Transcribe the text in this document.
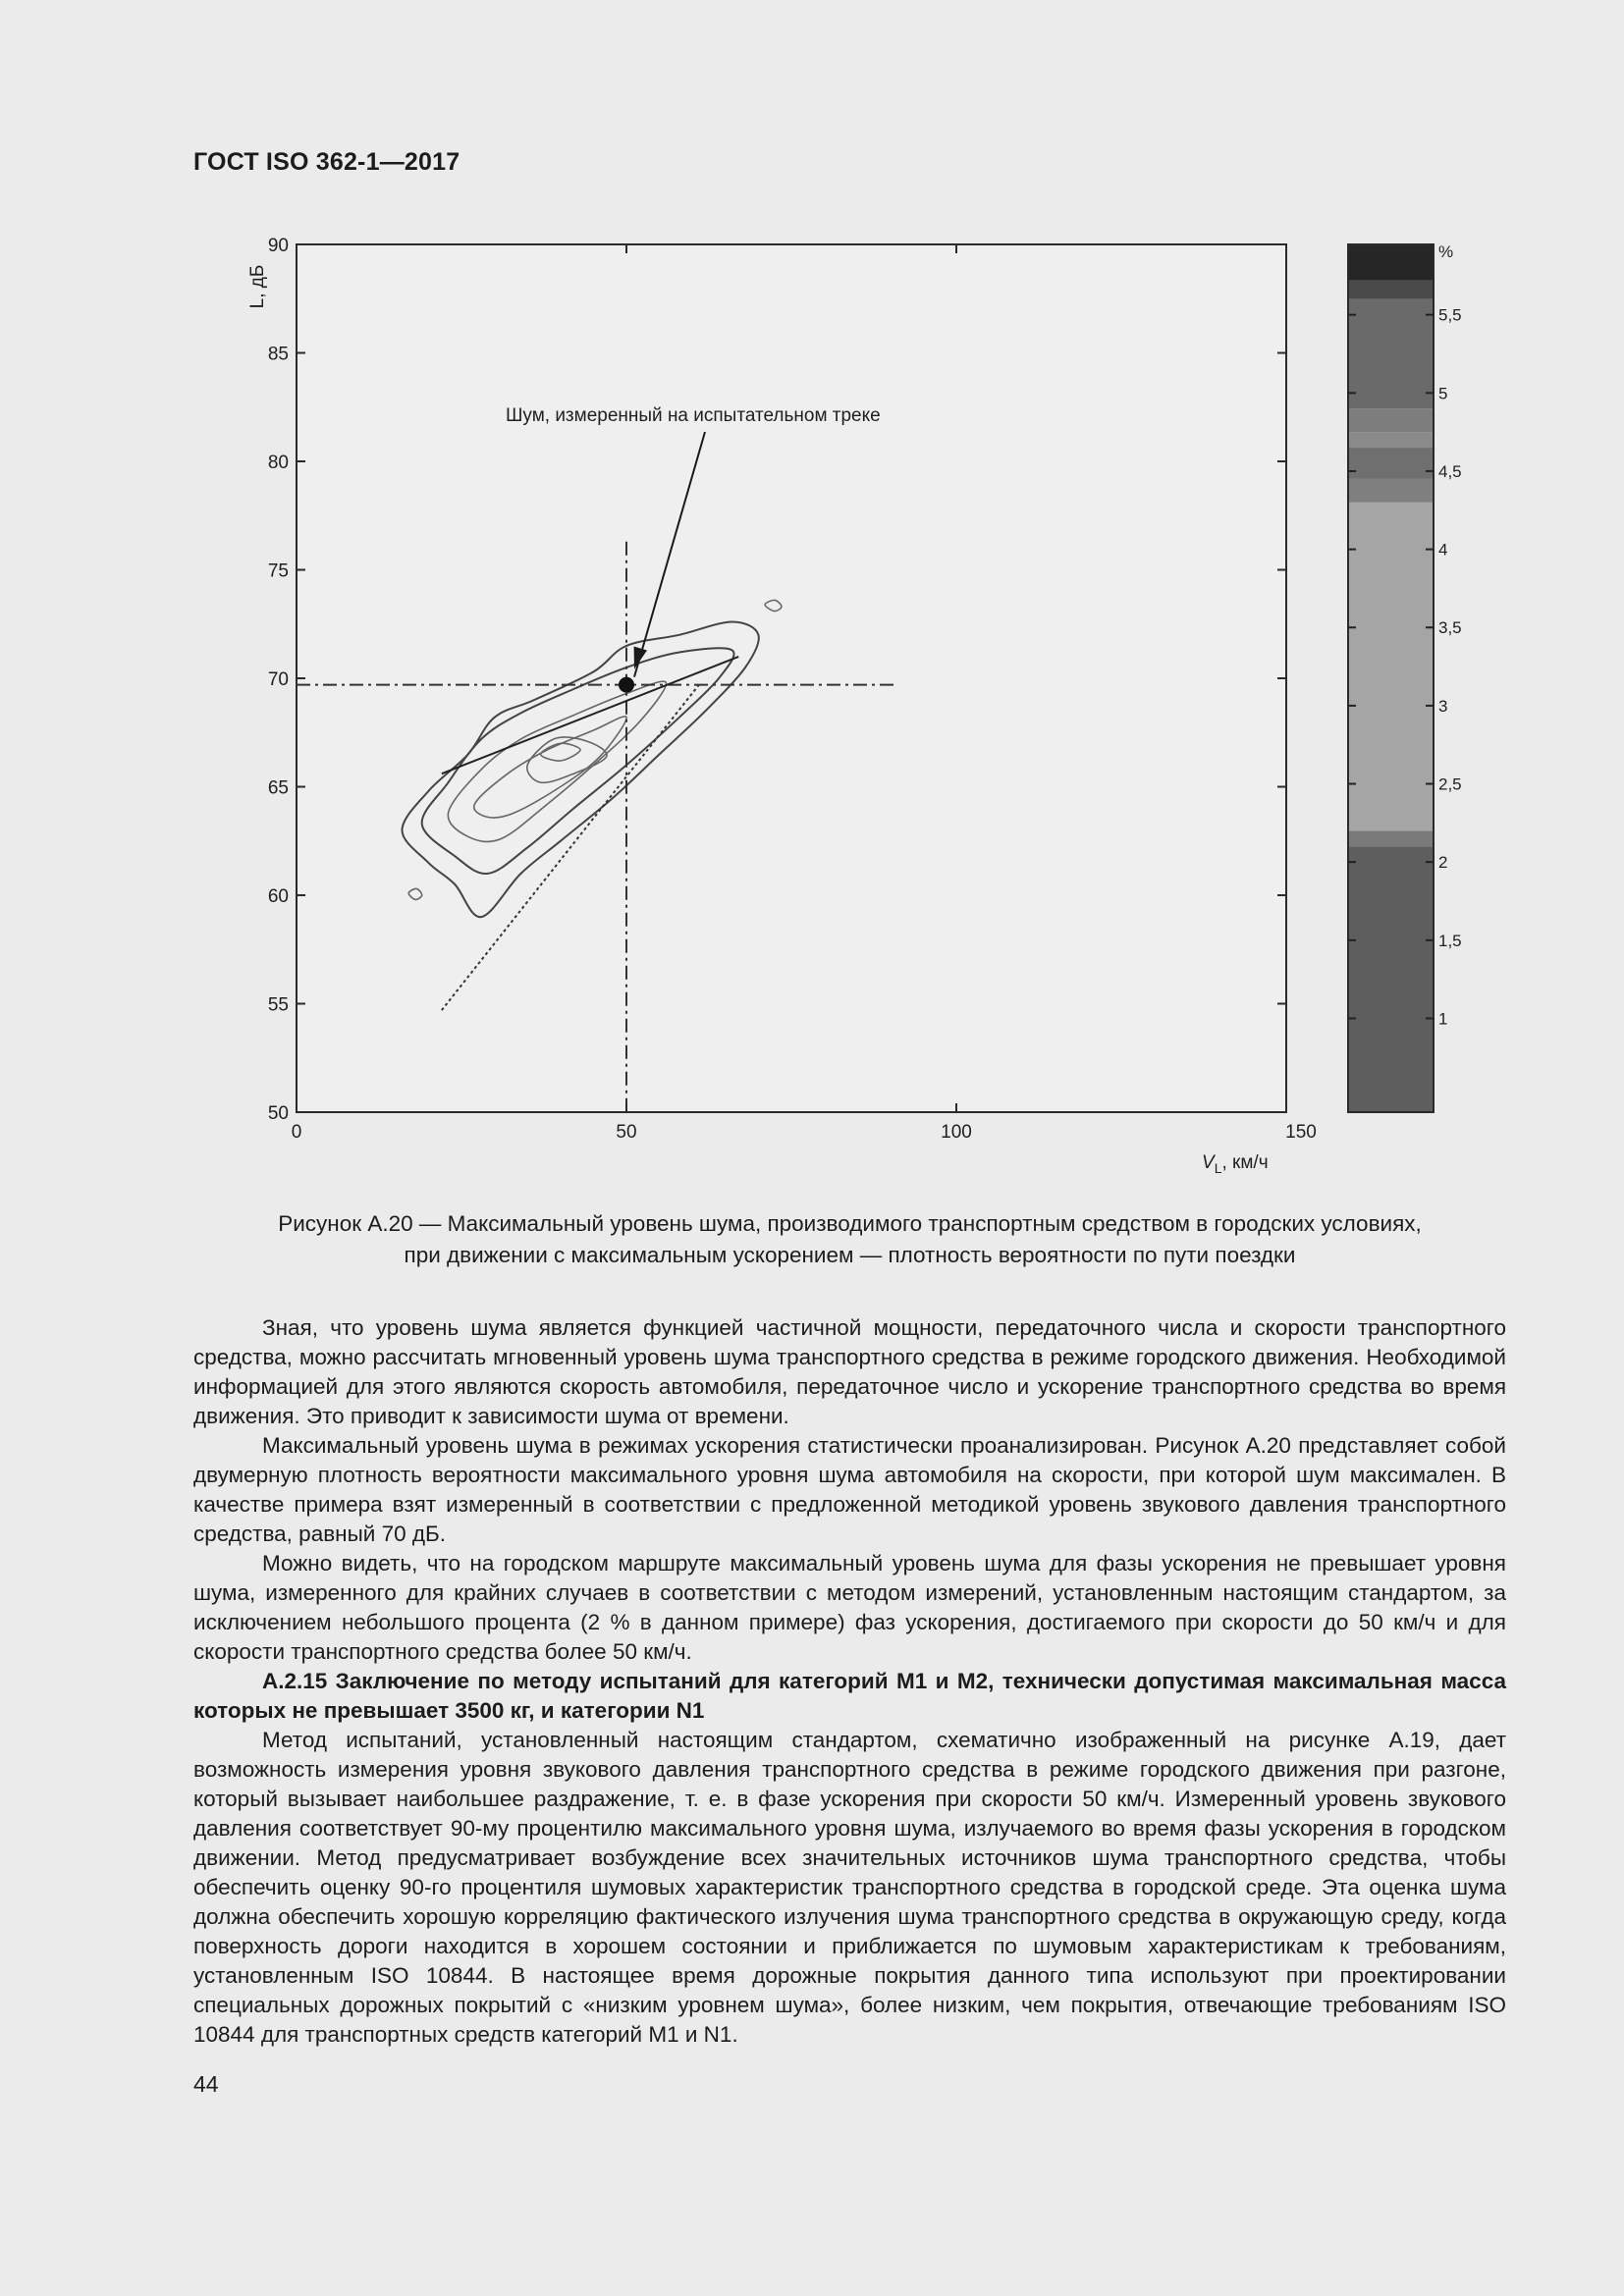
ГОСТ ISO 362-1—2017
90
85
80
75
70
65
60
55
50
0	50	100	150
L, дБ
$V_L$, км/ч
Шум, измеренный на испытательном треке
5,5
5
4,5
4
3,5
3
2,5
2
1,5
1
%
Рисунок А.20 — Максимальный уровень шума, производимого транспортным средством в городских условиях,
при движении с максимальным ускорением — плотность вероятности по пути поездки

Зная, что уровень шума является функцией частичной мощности, передаточного числа и скорости транспортного средства, можно рассчитать мгновенный уровень шума транспортного средства в режиме городского движения. Необходимой информацией для этого являются скорость автомобиля, передаточное число и ускорение транспортного средства во время движения. Это приводит к зависимости шума от времени.

Максимальный уровень шума в режимах ускорения статистически проанализирован. Рисунок А.20 представляет собой двумерную плотность вероятности максимального уровня шума автомобиля на скорости, при которой шум максимален. В качестве примера взят измеренный в соответствии с предложенной методикой уровень звукового давления транспортного средства, равный 70 дБ.

Можно видеть, что на городском маршруте максимальный уровень шума для фазы ускорения не превышает уровня шума, измеренного для крайних случаев в соответствии с методом измерений, установленным настоящим стандартом, за исключением небольшого процента (2 % в данном примере) фаз ускорения, достигаемого при скорости до 50 км/ч и для скорости транспортного средства более 50 км/ч.

А.2.15 Заключение по методу испытаний для категорий М1 и М2, технически допустимая максимальная масса которых не превышает 3500 кг, и категории N1

Метод испытаний, установленный настоящим стандартом, схематично изображенный на рисунке А.19, дает возможность измерения уровня звукового давления транспортного средства в режиме городского движения при разгоне, который вызывает наибольшее раздражение, т. е. в фазе ускорения при скорости 50 км/ч. Измеренный уровень звукового давления соответствует 90-му процентилю максимального уровня шума, излучаемого во время фазы ускорения в городском движении. Метод предусматривает возбуждение всех значительных источников шума транспортного средства, чтобы обеспечить оценку 90-го процентиля шумовых характеристик транспортного средства в городской среде. Эта оценка шума должна обеспечить хорошую корреляцию фактического излучения шума транспортного средства в окружающую среду, когда поверхность дороги находится в хорошем состоянии и приближается по шумовым характеристикам к требованиям, установленным ISO 10844. В настоящее время дорожные покрытия данного типа используют при проектировании специальных дорожных покрытий с «низким уровнем шума», более низким, чем покрытия, отвечающие требованиям ISO 10844 для транспортных средств категорий М1 и N1.

44
